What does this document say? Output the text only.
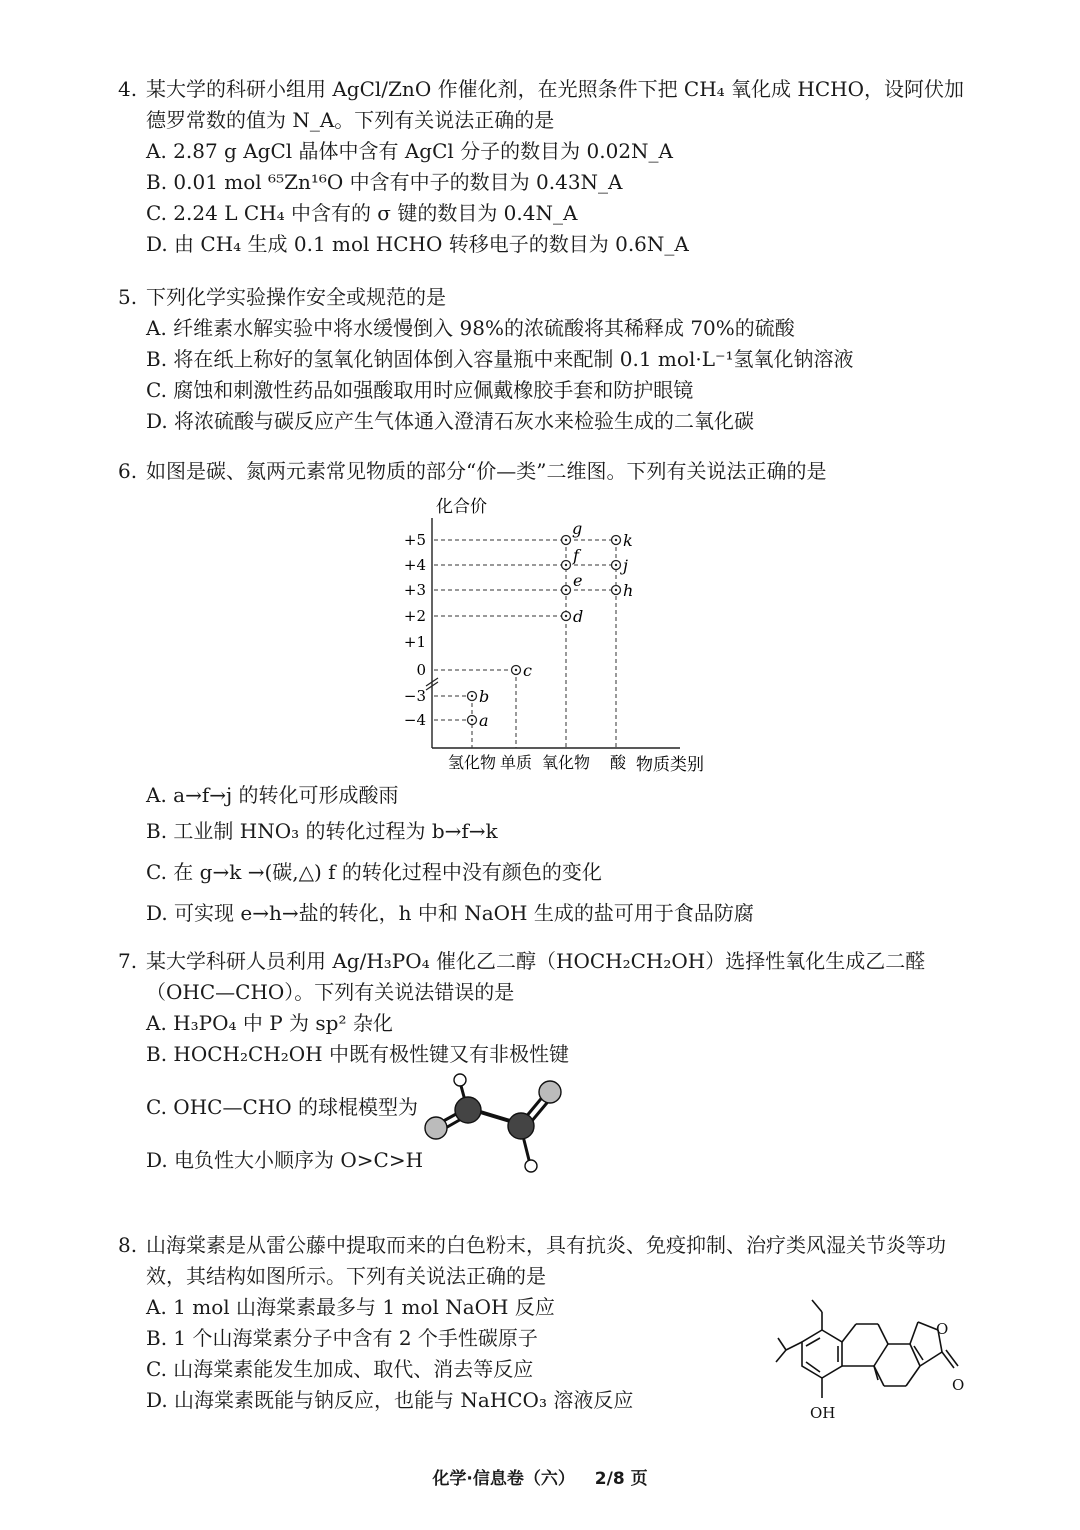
4. 某大学的科研小组用 AgCl/ZnO 作催化剂，在光照条件下把 CH₄ 氧化成 HCHO，设阿伏加德罗常数的值为 N_A。下列有关说法正确的是
A. 2.87 g AgCl 晶体中含有 AgCl 分子的数目为 0.02N_A
B. 0.01 mol ⁶⁵Zn¹⁶O 中含有中子的数目为 0.43N_A
C. 2.24 L CH₄ 中含有的 σ 键的数目为 0.4N_A
D. 由 CH₄ 生成 0.1 mol HCHO 转移电子的数目为 0.6N_A
5. 下列化学实验操作安全或规范的是
A. 纤维素水解实验中将水缓慢倒入 98%的浓硫酸将其稀释成 70%的硫酸
B. 将在纸上称好的氢氧化钠固体倒入容量瓶中来配制 0.1 mol·L⁻¹氢氧化钠溶液
C. 腐蚀和刺激性药品如强酸取用时应佩戴橡胶手套和防护眼镜
D. 将浓硫酸与碳反应产生气体通入澄清石灰水来检验生成的二氧化碳
6. 如图是碳、氮两元素常见物质的部分“价—类”二维图。下列有关说法正确的是
化合价
物质类别
+5
+4
+3
+2
+1
0
−3
−4
氢化物 单质 氧化物 酸
a
b
c
d
e
f
g
h
j
k
A. a→f→j 的转化可形成酸雨
B. 工业制 HNO₃ 的转化过程为 b→f→k
C. 在 g→k →(碳,△) f 的转化过程中没有颜色的变化
D. 可实现 e→h→盐的转化，h 中和 NaOH 生成的盐可用于食品防腐
7. 某大学科研人员利用 Ag/H₃PO₄ 催化乙二醇（HOCH₂CH₂OH）选择性氧化生成乙二醛（OHC—CHO）。下列有关说法错误的是
A. H₃PO₄ 中 P 为 sp² 杂化
B. HOCH₂CH₂OH 中既有极性键又有非极性键
C. OHC—CHO 的球棍模型为
D. 电负性大小顺序为 O>C>H
8. 山海棠素是从雷公藤中提取而来的白色粉末，具有抗炎、免疫抑制、治疗类风湿关节炎等功效，其结构如图所示。下列有关说法正确的是
A. 1 mol 山海棠素最多与 1 mol NaOH 反应
B. 1 个山海棠素分子中含有 2 个手性碳原子
C. 山海棠素能发生加成、取代、消去等反应
D. 山海棠素既能与钠反应，也能与 NaHCO₃ 溶液反应
O
O
OH
化学·信息卷（六） 2/8 页
